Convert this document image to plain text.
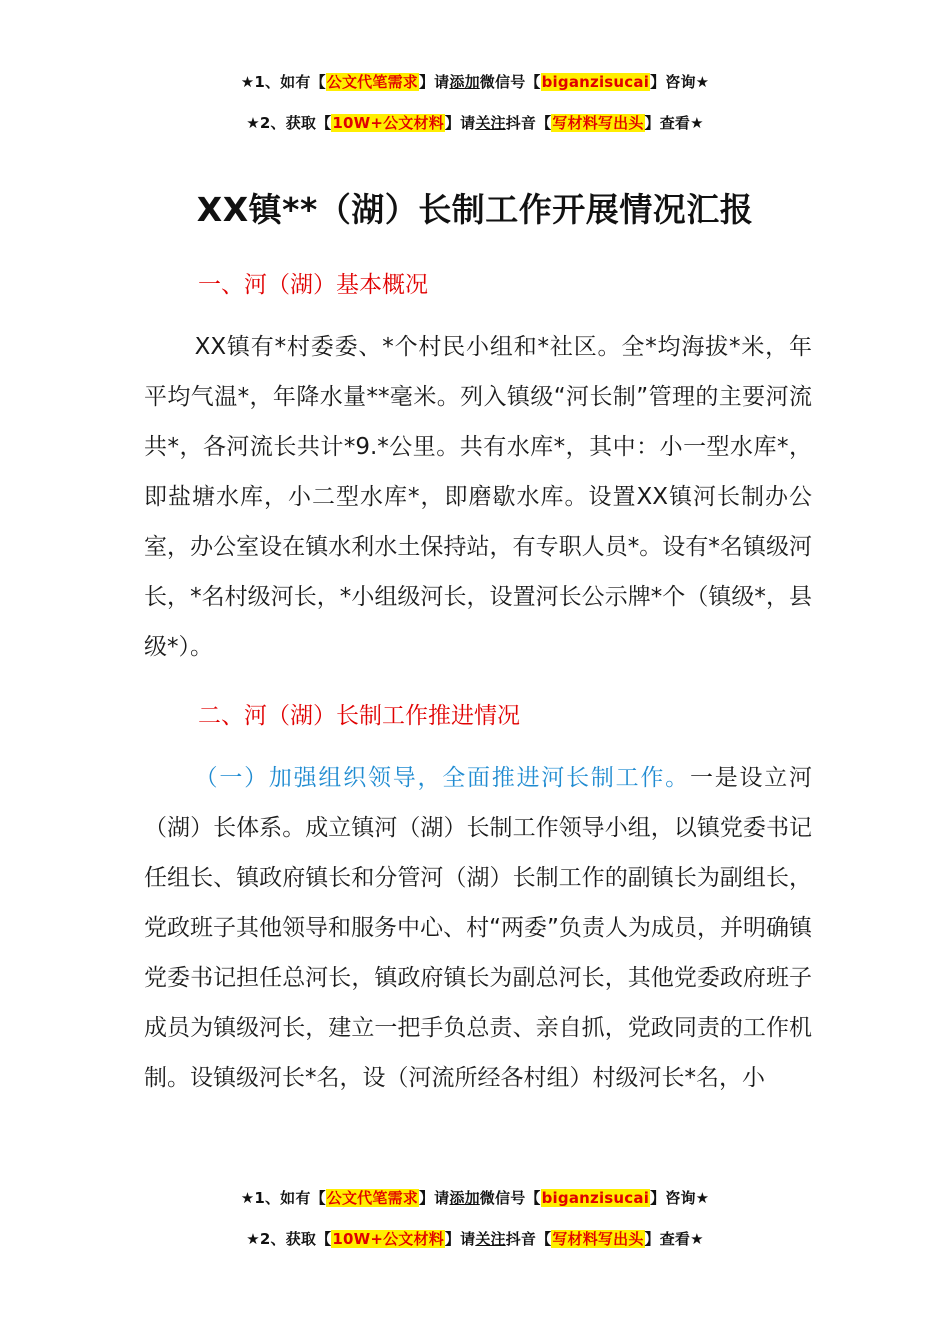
★1、如有【公文代笔需求】请添加微信号【biganzisucai】咨询★
★2、获取【10W+公文材料】请关注抖音【写材料写出头】查看★
XX镇**（湖）长制工作开展情况汇报
一、河（湖）基本概况

XX镇有*村委委、*个村民小组和*社区。全*均海拔*米，年平均气温*，年降水量**毫米。列入镇级“河长制”管理的主要河流共*，各河流长共计*9.*公里。共有水库*，其中：小一型水库*，即盐塘水库，小二型水库*，即磨歇水库。设置XX镇河长制办公室，办公室设在镇水利水土保持站，有专职人员*。设有*名镇级河长，*名村级河长，*小组级河长，设置河长公示牌*个（镇级*，县级*）。

二、河（湖）长制工作推进情况

（一）加强组织领导，全面推进河长制工作。一是设立河（湖）长体系。成立镇河（湖）长制工作领导小组，以镇党委书记任组长、镇政府镇长和分管河（湖）长制工作的副镇长为副组长，党政班子其他领导和服务中心、村“两委”负责人为成员，并明确镇党委书记担任总河长，镇政府镇长为副总河长，其他党委政府班子成员为镇级河长，建立一把手负总责、亲自抓，党政同责的工作机制。设镇级河长*名，设（河流所经各村组）村级河长*名，小

★1、如有【公文代笔需求】请添加微信号【biganzisucai】咨询★
★2、获取【10W+公文材料】请关注抖音【写材料写出头】查看★
